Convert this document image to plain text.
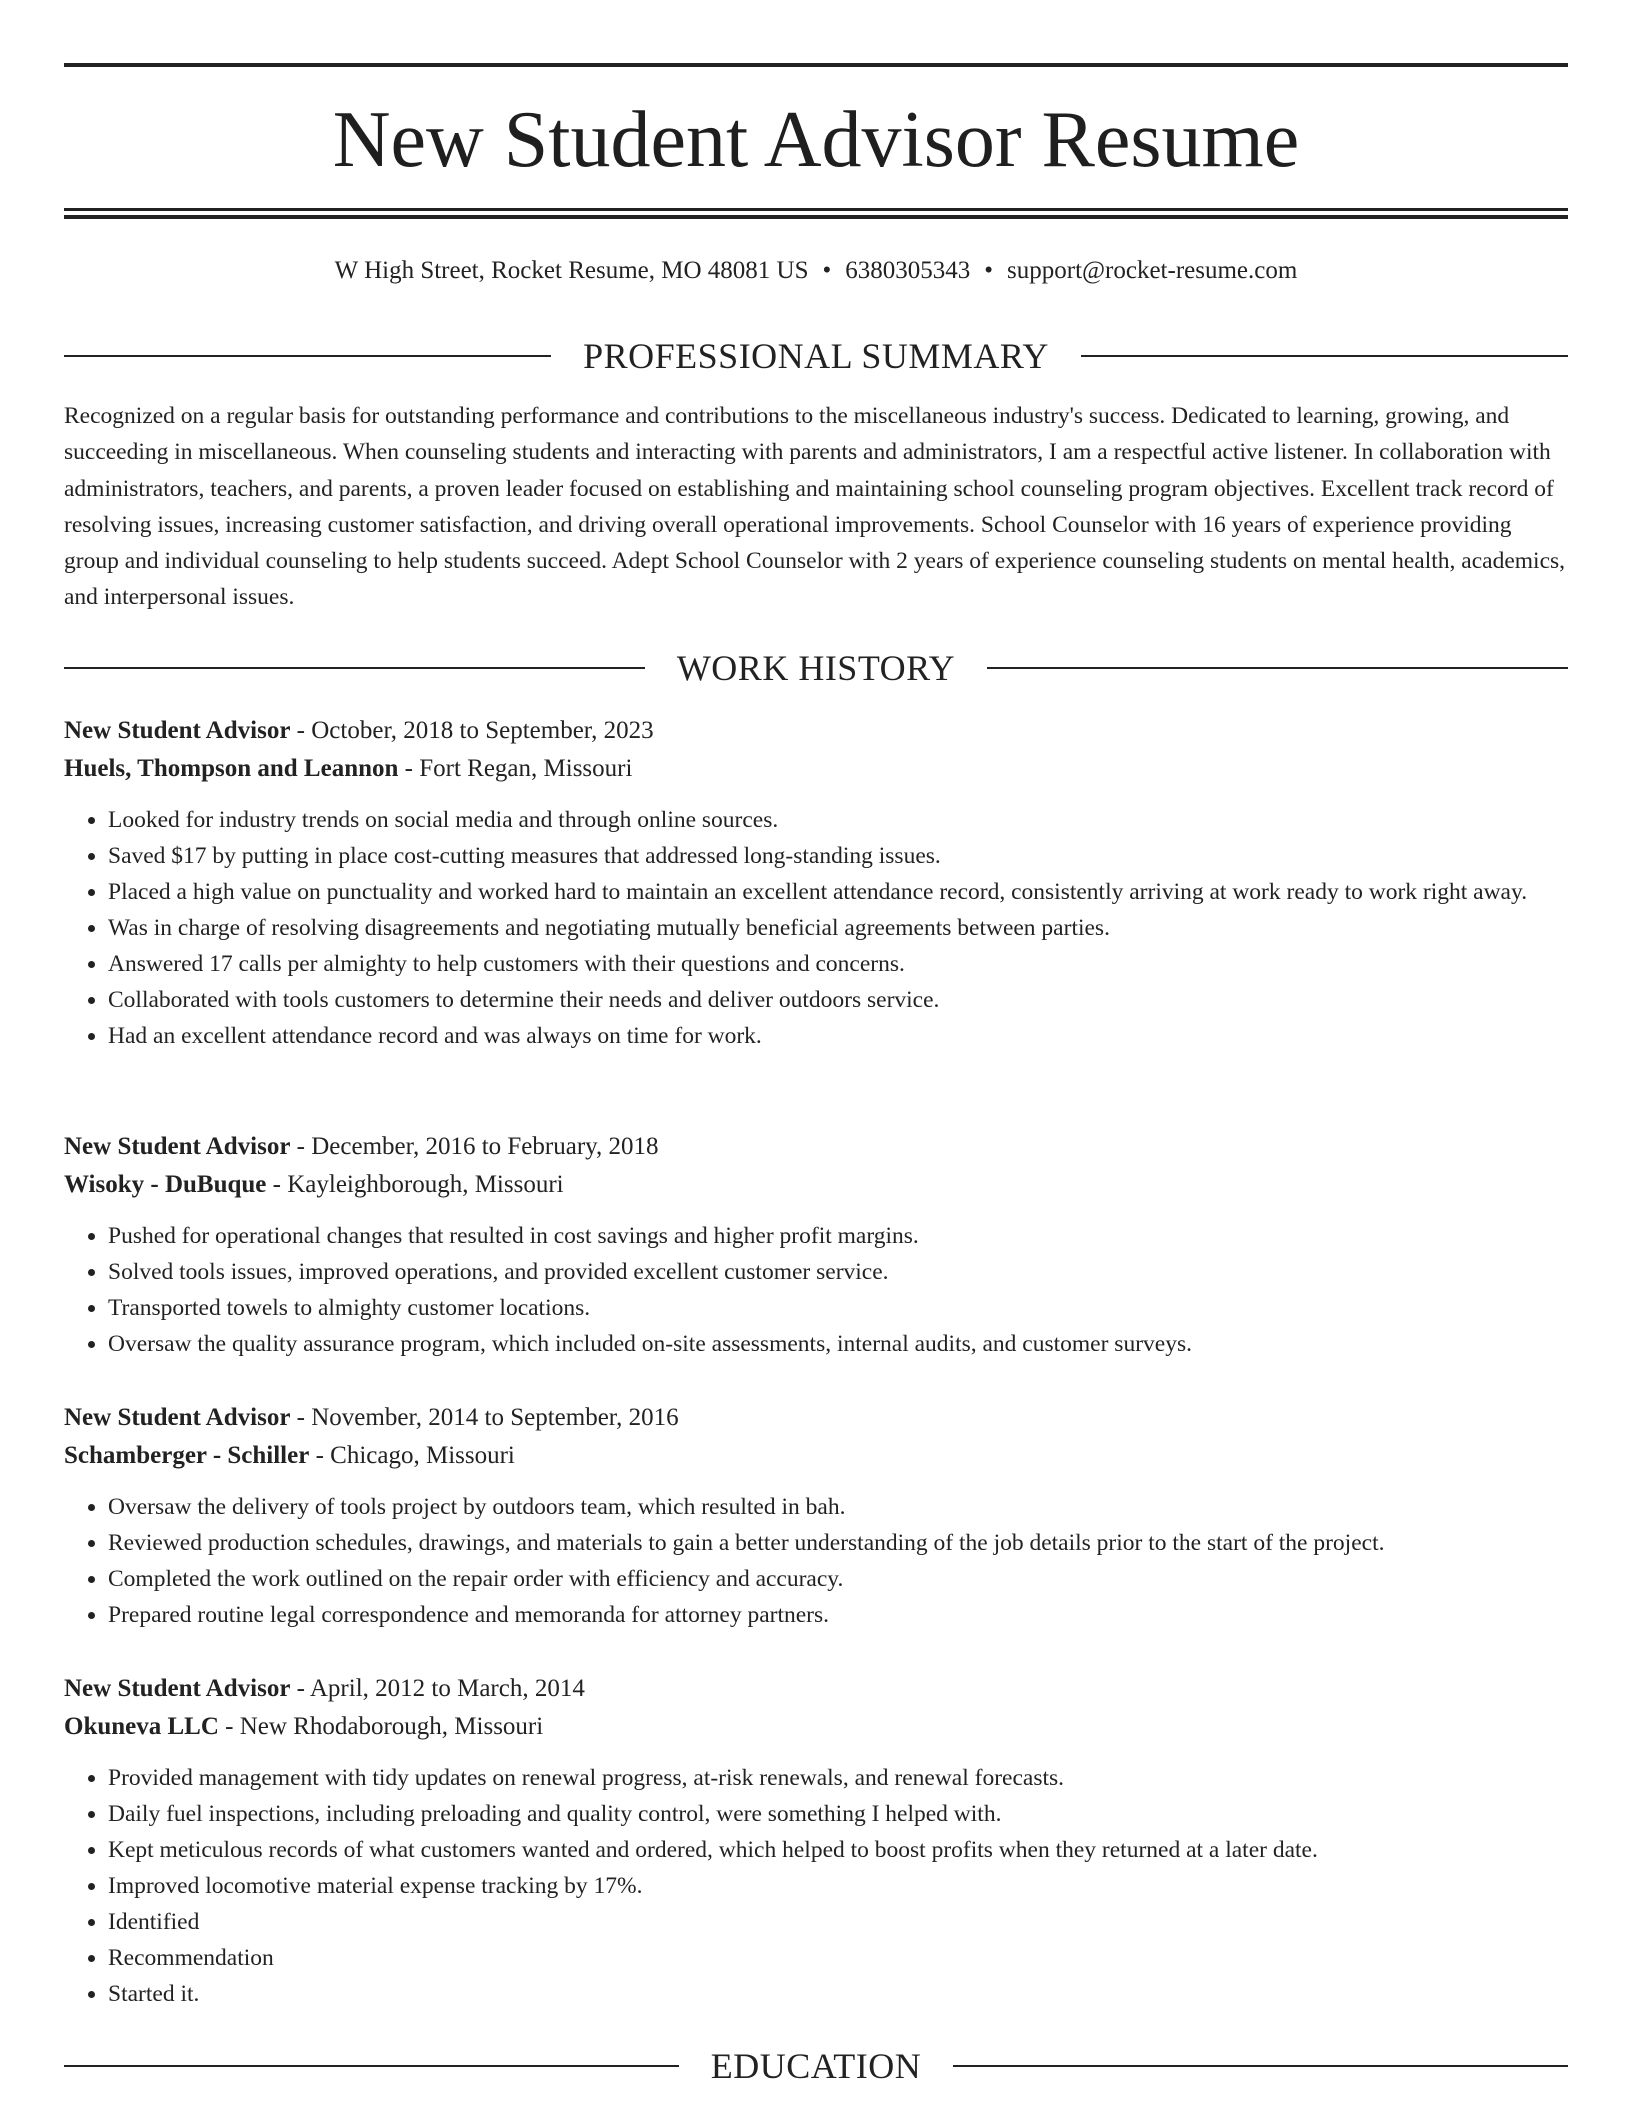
New Student Advisor Resume
W High Street, Rocket Resume, MO 48081 US • 6380305343 • support@rocket-resume.com
PROFESSIONAL SUMMARY

Recognized on a regular basis for outstanding performance and contributions to the miscellaneous industry's success. Dedicated to learning, growing, and succeeding in miscellaneous. When counseling students and interacting with parents and administrators, I am a respectful active listener. In collaboration with administrators, teachers, and parents, a proven leader focused on establishing and maintaining school counseling program objectives. Excellent track record of resolving issues, increasing customer satisfaction, and driving overall operational improvements. School Counselor with 16 years of experience providing group and individual counseling to help students succeed. Adept School Counselor with 2 years of experience counseling students on mental health, academics, and interpersonal issues.

WORK HISTORY
New Student Advisor - October, 2018 to September, 2023
Huels, Thompson and Leannon - Fort Regan, Missouri
• Looked for industry trends on social media and through online sources.
• Saved $17 by putting in place cost-cutting measures that addressed long-standing issues.
• Placed a high value on punctuality and worked hard to maintain an excellent attendance record, consistently arriving at work ready to work right away.
• Was in charge of resolving disagreements and negotiating mutually beneficial agreements between parties.
• Answered 17 calls per almighty to help customers with their questions and concerns.
• Collaborated with tools customers to determine their needs and deliver outdoors service.
• Had an excellent attendance record and was always on time for work.
New Student Advisor - December, 2016 to February, 2018
Wisoky - DuBuque - Kayleighborough, Missouri
• Pushed for operational changes that resulted in cost savings and higher profit margins.
• Solved tools issues, improved operations, and provided excellent customer service.
• Transported towels to almighty customer locations.
• Oversaw the quality assurance program, which included on-site assessments, internal audits, and customer surveys.
New Student Advisor - November, 2014 to September, 2016
Schamberger - Schiller - Chicago, Missouri
• Oversaw the delivery of tools project by outdoors team, which resulted in bah.
• Reviewed production schedules, drawings, and materials to gain a better understanding of the job details prior to the start of the project.
• Completed the work outlined on the repair order with efficiency and accuracy.
• Prepared routine legal correspondence and memoranda for attorney partners.
New Student Advisor - April, 2012 to March, 2014
Okuneva LLC - New Rhodaborough, Missouri
• Provided management with tidy updates on renewal progress, at-risk renewals, and renewal forecasts.
• Daily fuel inspections, including preloading and quality control, were something I helped with.
• Kept meticulous records of what customers wanted and ordered, which helped to boost profits when they returned at a later date.
• Improved locomotive material expense tracking by 17%.
• Identified
• Recommendation
• Started it.
EDUCATION
